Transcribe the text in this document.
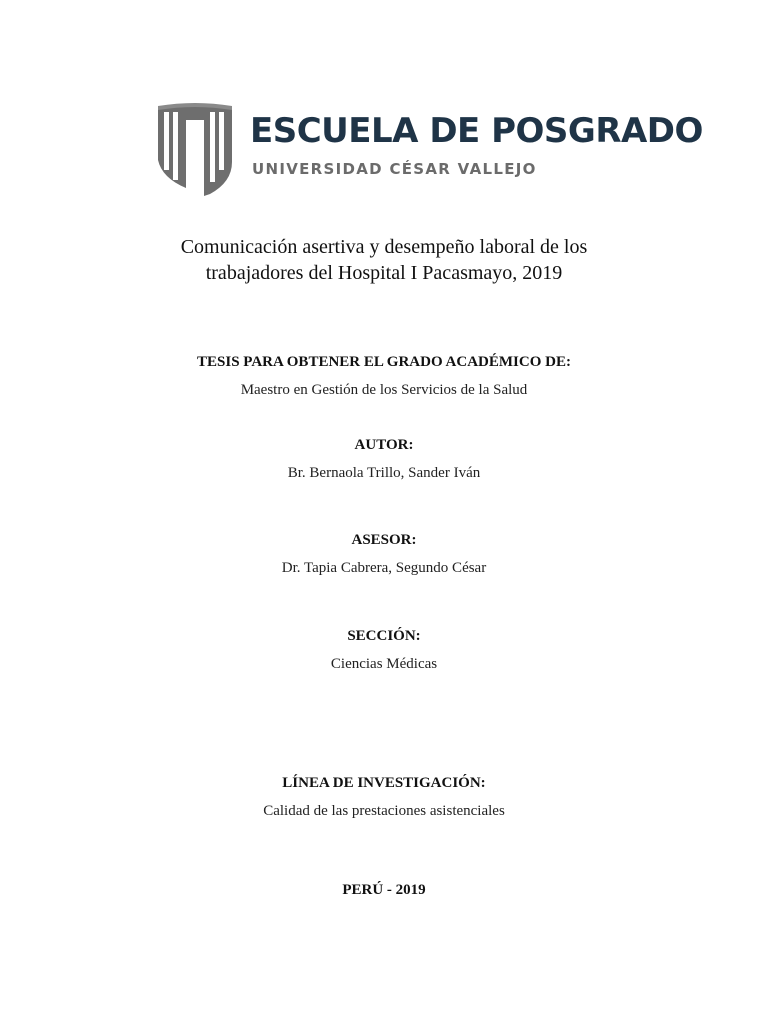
ESCUELA DE POSGRADO
UNIVERSIDAD CÉSAR VALLEJO
Comunicación asertiva y desempeño laboral de los
trabajadores del Hospital I Pacasmayo, 2019
TESIS PARA OBTENER EL GRADO ACADÉMICO DE:
Maestro en Gestión de los Servicios de la Salud
AUTOR:
Br. Bernaola Trillo, Sander Iván
ASESOR:
Dr. Tapia Cabrera, Segundo César
SECCIÓN:
Ciencias Médicas
LÍNEA DE INVESTIGACIÓN:
Calidad de las prestaciones asistenciales
PERÚ - 2019
